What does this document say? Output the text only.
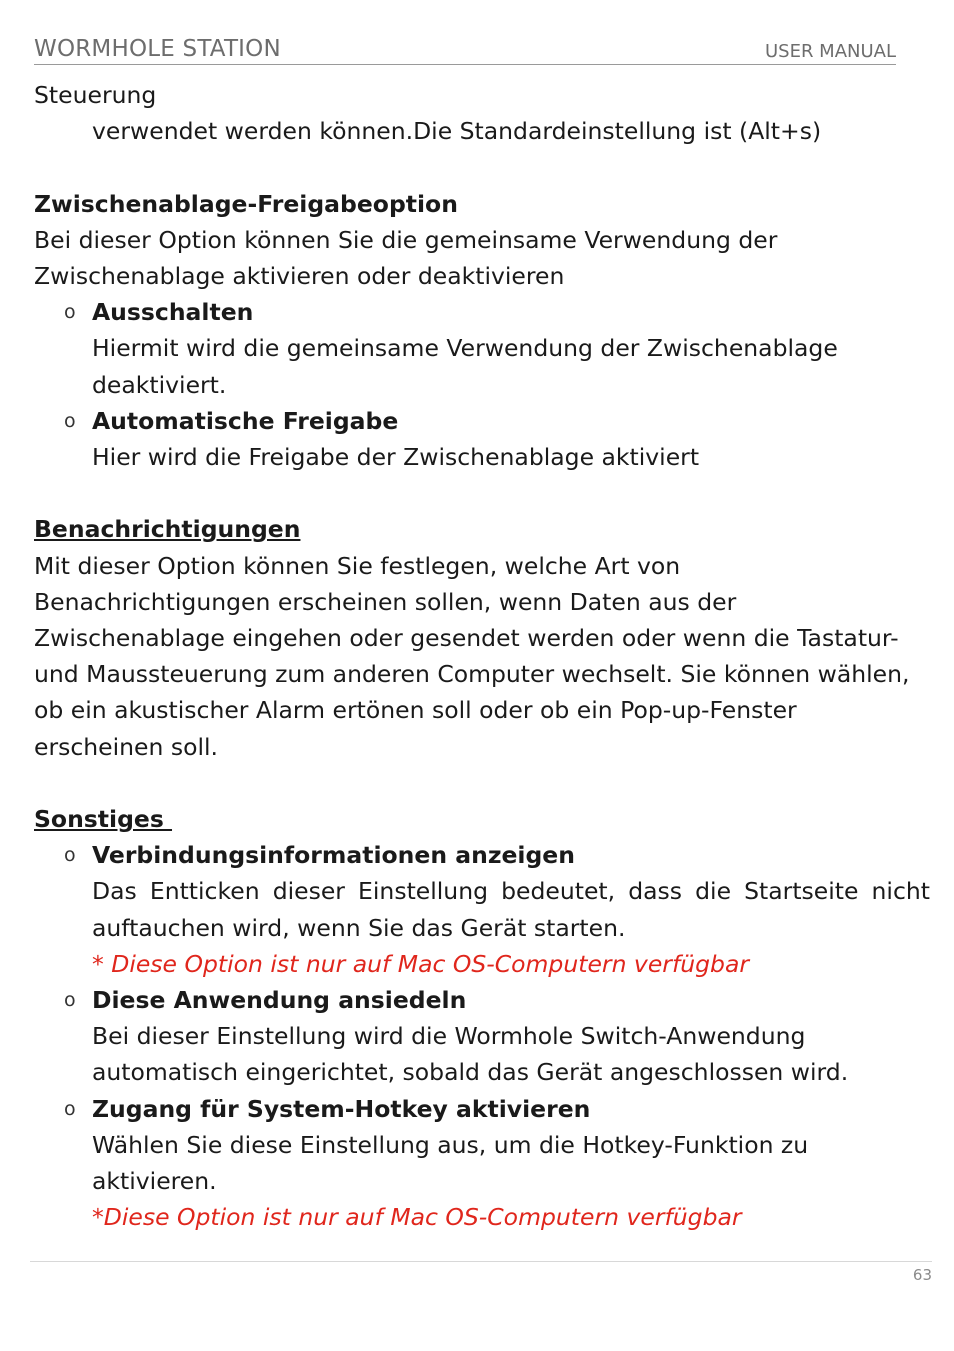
WORMHOLE STATION	USER MANUAL

Steuerung

verwendet werden können.Die Standardeinstellung ist (Alt+s)

Zwischenablage-Freigabeoption

Bei dieser Option können Sie die gemeinsame Verwendung der Zwischenablage aktivieren oder deaktivieren

o Ausschalten
Hiermit wird die gemeinsame Verwendung der Zwischenablage deaktiviert.
o Automatische Freigabe
Hier wird die Freigabe der Zwischenablage aktiviert

Benachrichtigungen

Mit dieser Option können Sie festlegen, welche Art von Benachrichtigungen erscheinen sollen, wenn Daten aus der Zwischenablage eingehen oder gesendet werden oder wenn die Tastatur- und Maussteuerung zum anderen Computer wechselt. Sie können wählen, ob ein akustischer Alarm ertönen soll oder ob ein Pop-up-Fenster erscheinen soll.

Sonstiges

o Verbindungsinformationen anzeigen
Das Entticken dieser Einstellung bedeutet, dass die Startseite nicht auftauchen wird, wenn Sie das Gerät starten.
* Diese Option ist nur auf Mac OS-Computern verfügbar
o Diese Anwendung ansiedeln
Bei dieser Einstellung wird die Wormhole Switch-Anwendung automatisch eingerichtet, sobald das Gerät angeschlossen wird.
o Zugang für System-Hotkey aktivieren
Wählen Sie diese Einstellung aus, um die Hotkey-Funktion zu aktivieren.
*Diese Option ist nur auf Mac OS-Computern verfügbar
63
